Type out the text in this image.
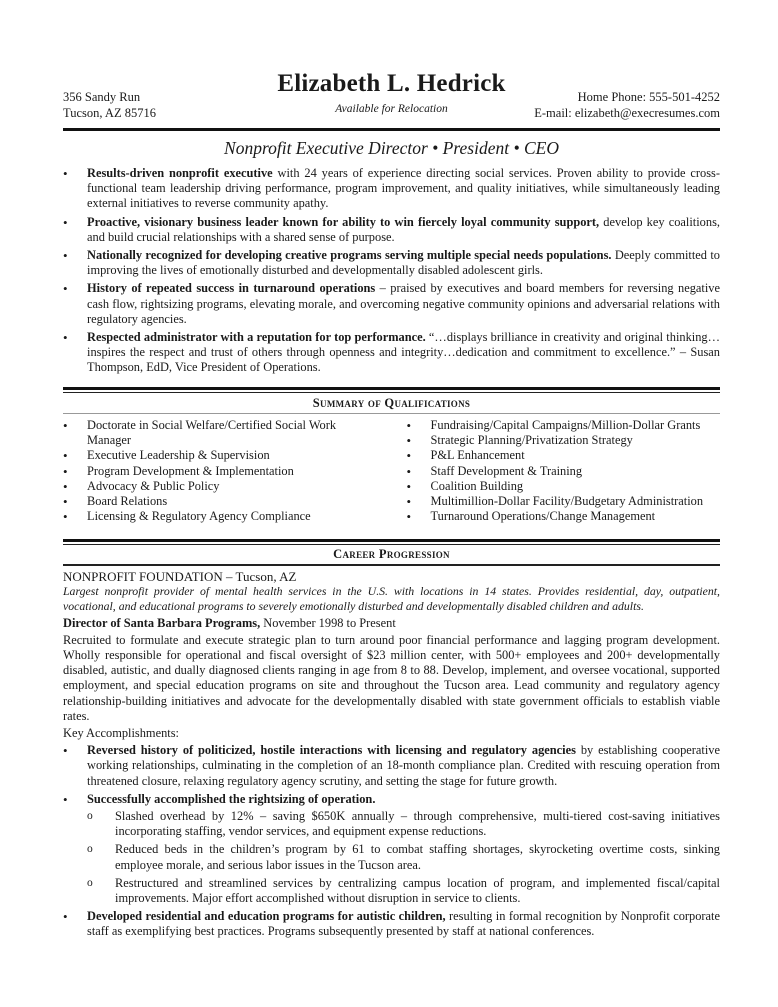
Elizabeth L. Hedrick
356 Sandy Run
Tucson, AZ 85716	Available for Relocation
Home Phone: 555-501-4252
E-mail: elizabeth@execresumes.com
Nonprofit Executive Director • President • CEO
• Results-driven nonprofit executive with 24 years of experience directing social services. Proven ability to provide cross-functional team leadership driving performance, program improvement, and quality initiatives, while simultaneously leading external initiatives to reverse community apathy.
• Proactive, visionary business leader known for ability to win fiercely loyal community support, develop key coalitions, and build crucial relationships with a shared sense of purpose.
• Nationally recognized for developing creative programs serving multiple special needs populations. Deeply committed to improving the lives of emotionally disturbed and developmentally disabled adolescent girls.
• History of repeated success in turnaround operations – praised by executives and board members for reversing negative cash flow, rightsizing programs, elevating morale, and overcoming negative community opinions and adversarial relations with regulatory agencies.
• Respected administrator with a reputation for top performance. “…displays brilliance in creativity and original thinking…inspires the respect and trust of others through openness and integrity…dedication and commitment to excellence.” – Susan Thompson, EdD, Vice President of Operations.
Summary of Qualifications
• Doctorate in Social Welfare/Certified Social Work Manager
• Executive Leadership & Supervision
• Program Development & Implementation
• Advocacy & Public Policy
• Board Relations
• Licensing & Regulatory Agency Compliance
• Fundraising/Capital Campaigns/Million-Dollar Grants
• Strategic Planning/Privatization Strategy
• P&L Enhancement
• Staff Development & Training
• Coalition Building
• Multimillion-Dollar Facility/Budgetary Administration
• Turnaround Operations/Change Management
Career Progression
NONPROFIT FOUNDATION – Tucson, AZ
Largest nonprofit provider of mental health services in the U.S. with locations in 14 states. Provides residential, day, outpatient, vocational, and educational programs to severely emotionally disturbed and developmentally disabled children and adults.
Director of Santa Barbara Programs, November 1998 to Present
Recruited to formulate and execute strategic plan to turn around poor financial performance and lagging program development. Wholly responsible for operational and fiscal oversight of $23 million center, with 500+ employees and 200+ developmentally disabled, autistic, and dually diagnosed clients ranging in age from 8 to 88. Develop, implement, and oversee vocational, supported employment, and special education programs on site and throughout the Tucson area. Lead community and regulatory agency relationship-building initiatives and advocate for the developmentally disabled with state government officials to establish viable rates.
Key Accomplishments:
• Reversed history of politicized, hostile interactions with licensing and regulatory agencies by establishing cooperative working relationships, culminating in the completion of an 18-month compliance plan. Credited with rescuing operation from threatened closure, relaxing regulatory agency scrutiny, and setting the stage for future growth.
• Successfully accomplished the rightsizing of operation.
o Slashed overhead by 12% – saving $650K annually – through comprehensive, multi-tiered cost-saving initiatives incorporating staffing, vendor services, and equipment expense reductions.
o Reduced beds in the children’s program by 61 to combat staffing shortages, skyrocketing overtime costs, sinking employee morale, and serious labor issues in the Tucson area.
o Restructured and streamlined services by centralizing campus location of program, and implemented fiscal/capital improvements. Major effort accomplished without disruption in service to clients.
• Developed residential and education programs for autistic children, resulting in formal recognition by Nonprofit corporate staff as exemplifying best practices. Programs subsequently presented by staff at national conferences.
